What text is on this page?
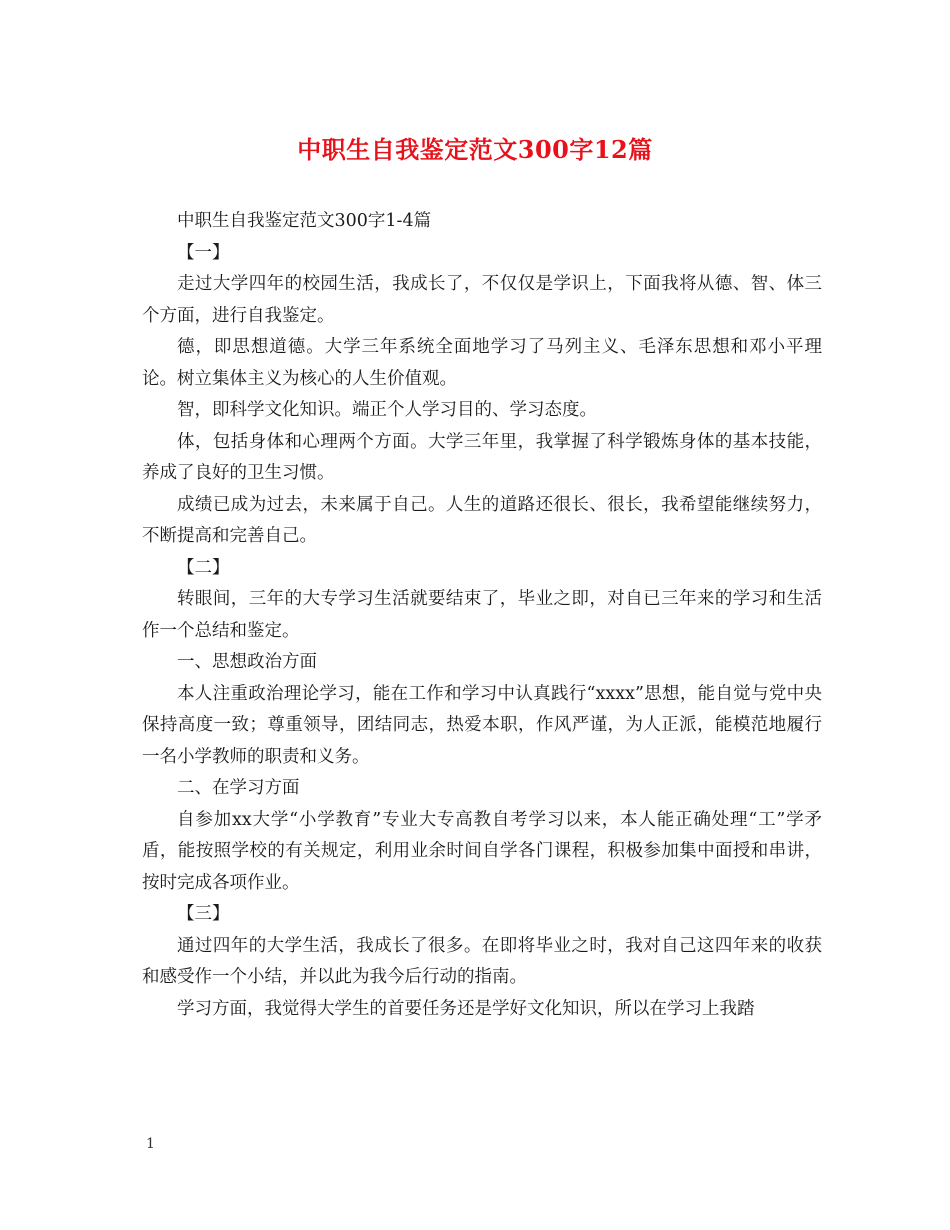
中职生自我鉴定范文300字12篇

中职生自我鉴定范文300字1-4篇

【一】

走过大学四年的校园生活，我成长了，不仅仅是学识上，下面我将从德、智、体三个方面，进行自我鉴定。

德，即思想道德。大学三年系统全面地学习了马列主义、毛泽东思想和邓小平理论。树立集体主义为核心的人生价值观。

智，即科学文化知识。端正个人学习目的、学习态度。

体，包括身体和心理两个方面。大学三年里，我掌握了科学锻炼身体的基本技能，养成了良好的卫生习惯。

成绩已成为过去，未来属于自己。人生的道路还很长、很长，我希望能继续努力，不断提高和完善自己。

【二】

转眼间，三年的大专学习生活就要结束了，毕业之即，对自已三年来的学习和生活作一个总结和鉴定。

一、思想政治方面

本人注重政治理论学习，能在工作和学习中认真践行“xxxx”思想，能自觉与党中央保持高度一致；尊重领导，团结同志，热爱本职，作风严谨，为人正派，能模范地履行一名小学教师的职责和义务。

二、在学习方面

自参加xx大学“小学教育”专业大专高教自考学习以来，本人能正确处理“工”学矛盾，能按照学校的有关规定，利用业余时间自学各门课程，积极参加集中面授和串讲，按时完成各项作业。

【三】

通过四年的大学生活，我成长了很多。在即将毕业之时，我对自己这四年来的收获和感受作一个小结，并以此为我今后行动的指南。

学习方面，我觉得大学生的首要任务还是学好文化知识，所以在学习上我踏

1
